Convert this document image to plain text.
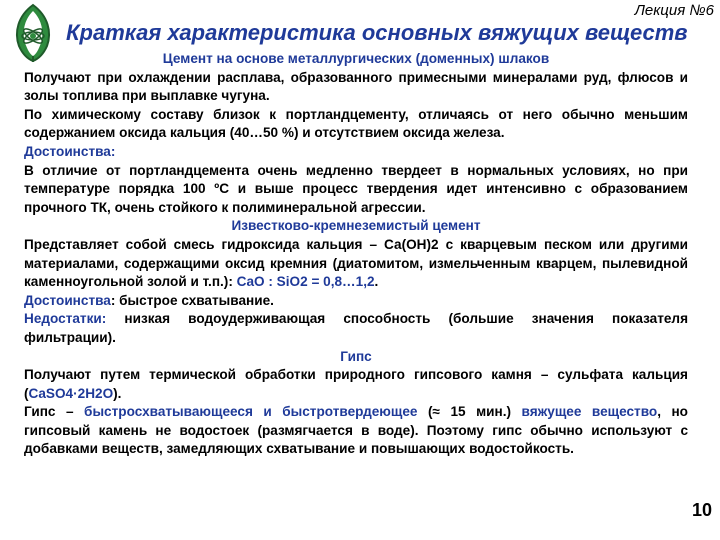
Лекция №6
Краткая характеристика основных вяжущих веществ

Цемент на основе металлургических (доменных) шлаков

Получают при охлаждении расплава, образованного примесными минералами руд, флюсов и золы топлива при выплавке чугуна.

По химическому составу близок к портландцементу, отличаясь от него обычно меньшим содержанием оксида кальция (40…50 %) и отсутствием оксида железа.

Достоинства:

В отличие от портландцемента очень медленно твердеет в нормальных условиях, но при температуре порядка 100 ºС и выше процесс твердения идет интенсивно с образованием прочного ТК, очень стойкого к полиминеральной агрессии.

Известково-кремнеземистый цемент

Представляет собой смесь гидроксида кальция – Са(ОН)2 с кварцевым песком или другими материалами, содержащими оксид кремния (диатомитом, измельченным кварцем, пылевидной каменноугольной золой и т.п.): CaO : SiO2 = 0,8…1,2.

Достоинства: быстрое схватывание.

Недостатки: низкая водоудерживающая способность (большие значения показателя фильтрации).

Гипс

Получают путем термической обработки природного гипсового камня – сульфата кальция (CaSO4·2H2O).

Гипс – быстросхватывающееся и быстротвердеющее (≈ 15 мин.) вяжущее вещество, но гипсовый камень не водостоек (размягчается в воде). Поэтому гипс обычно используют с добавками веществ, замедляющих схватывание и повышающих водостойкость.

10
